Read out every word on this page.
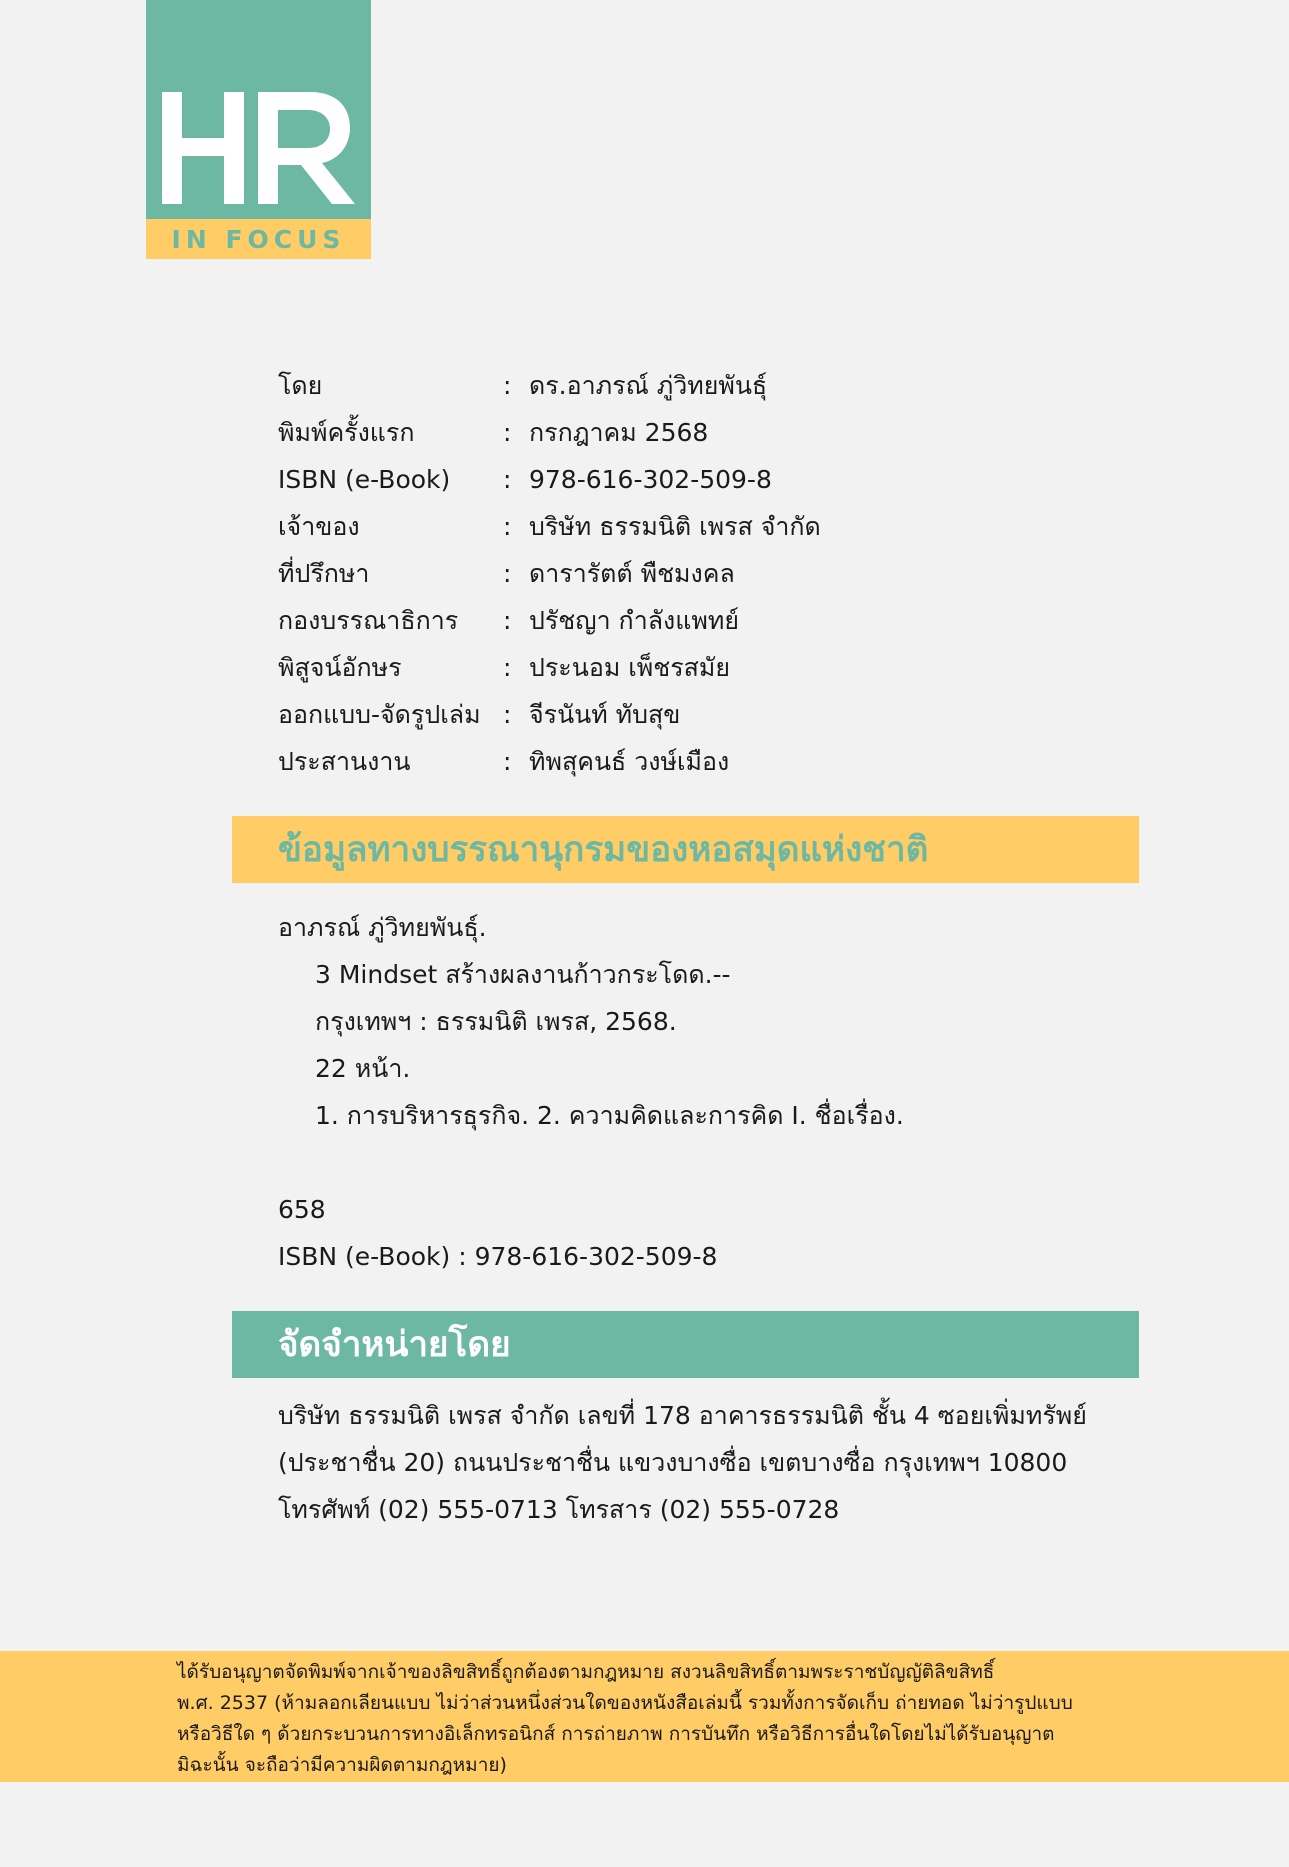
IN FOCUS
โดย	: ดร.อาภรณ์ ภู่วิทยพันธุ์
พิมพ์ครั้งแรก	: กรกฎาคม 2568
ISBN (e-Book)	: 978-616-302-509-8
เจ้าของ	: บริษัท ธรรมนิติ เพรส จำกัด
ที่ปรึกษา	: ดารารัตต์ พืชมงคล
กองบรรณาธิการ	: ปรัชญา กำลังแพทย์
พิสูจน์อักษร	: ประนอม เพ็ชรสมัย
ออกแบบ-จัดรูปเล่ม : จีรนันท์ ทับสุข
ประสานงาน	: ทิพสุคนธ์ วงษ์เมือง
ข้อมูลทางบรรณานุกรมของหอสมุดแห่งชาติ
อาภรณ์ ภู่วิทยพันธุ์.
3 Mindset สร้างผลงานก้าวกระโดด.--
กรุงเทพฯ : ธรรมนิติ เพรส, 2568.
22 หน้า.
1. การบริหารธุรกิจ. 2. ความคิดและการคิด I. ชื่อเรื่อง.
658
ISBN (e-Book) : 978-616-302-509-8
จัดจำหน่ายโดย
บริษัท ธรรมนิติ เพรส จำกัด เลขที่ 178 อาคารธรรมนิติ ชั้น 4 ซอยเพิ่มทรัพย์
(ประชาชื่น 20) ถนนประชาชื่น แขวงบางซื่อ เขตบางซื่อ กรุงเทพฯ 10800
โทรศัพท์ (02) 555-0713 โทรสาร (02) 555-0728
ได้รับอนุญาตจัดพิมพ์จากเจ้าของลิขสิทธิ์ถูกต้องตามกฎหมาย สงวนลิขสิทธิ์ตามพระราชบัญญัติลิขสิทธิ์
พ.ศ. 2537 (ห้ามลอกเลียนแบบ ไม่ว่าส่วนหนึ่งส่วนใดของหนังสือเล่มนี้ รวมทั้งการจัดเก็บ ถ่ายทอด ไม่ว่ารูปแบบ
หรือวิธีใด ๆ ด้วยกระบวนการทางอิเล็กทรอนิกส์ การถ่ายภาพ การบันทึก หรือวิธีการอื่นใดโดยไม่ได้รับอนุญาต
มิฉะนั้น จะถือว่ามีความผิดตามกฎหมาย)
